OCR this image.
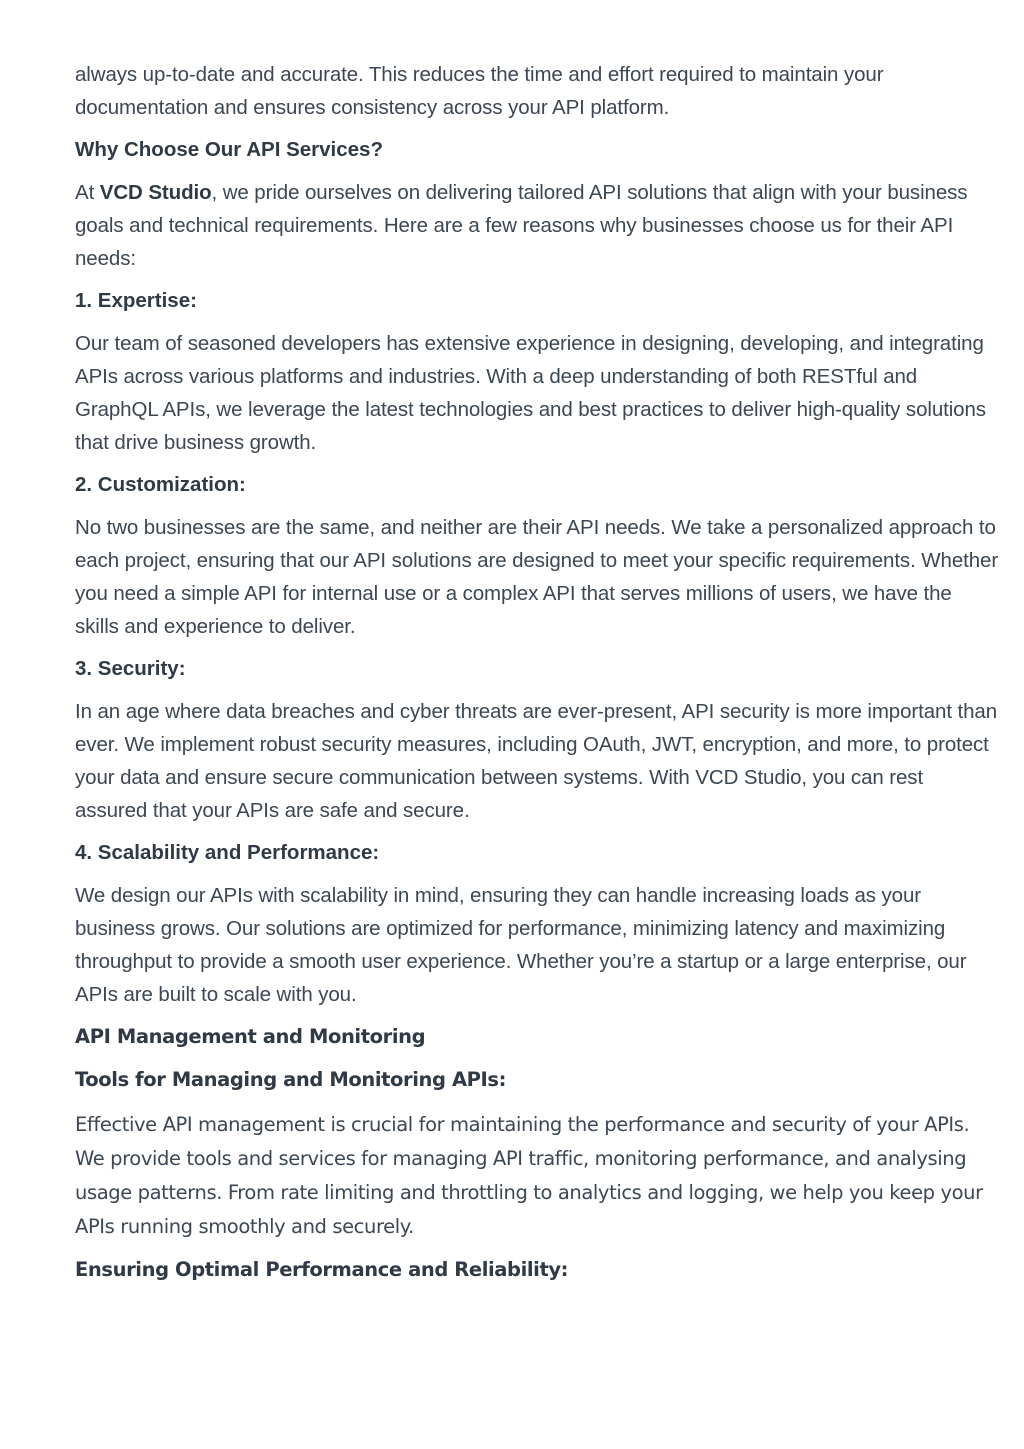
always up-to-date and accurate. This reduces the time and effort required to maintain your documentation and ensures consistency across your API platform.

Why Choose Our API Services?

At VCD Studio, we pride ourselves on delivering tailored API solutions that align with your business goals and technical requirements. Here are a few reasons why businesses choose us for their API needs:

1. Expertise:

Our team of seasoned developers has extensive experience in designing, developing, and integrating APIs across various platforms and industries. With a deep understanding of both RESTful and GraphQL APIs, we leverage the latest technologies and best practices to deliver high-quality solutions that drive business growth.

2. Customization:

No two businesses are the same, and neither are their API needs. We take a personalized approach to each project, ensuring that our API solutions are designed to meet your specific requirements. Whether you need a simple API for internal use or a complex API that serves millions of users, we have the skills and experience to deliver.

3. Security:

In an age where data breaches and cyber threats are ever-present, API security is more important than ever. We implement robust security measures, including OAuth, JWT, encryption, and more, to protect your data and ensure secure communication between systems. With VCD Studio, you can rest assured that your APIs are safe and secure.

4. Scalability and Performance:

We design our APIs with scalability in mind, ensuring they can handle increasing loads as your business grows. Our solutions are optimized for performance, minimizing latency and maximizing throughput to provide a smooth user experience. Whether you’re a startup or a large enterprise, our APIs are built to scale with you.

API Management and Monitoring
Tools for Managing and Monitoring APIs:

Effective API management is crucial for maintaining the performance and security of your APIs. We provide tools and services for managing API traffic, monitoring performance, and analysing usage patterns. From rate limiting and throttling to analytics and logging, we help you keep your APIs running smoothly and securely.

Ensuring Optimal Performance and Reliability:
